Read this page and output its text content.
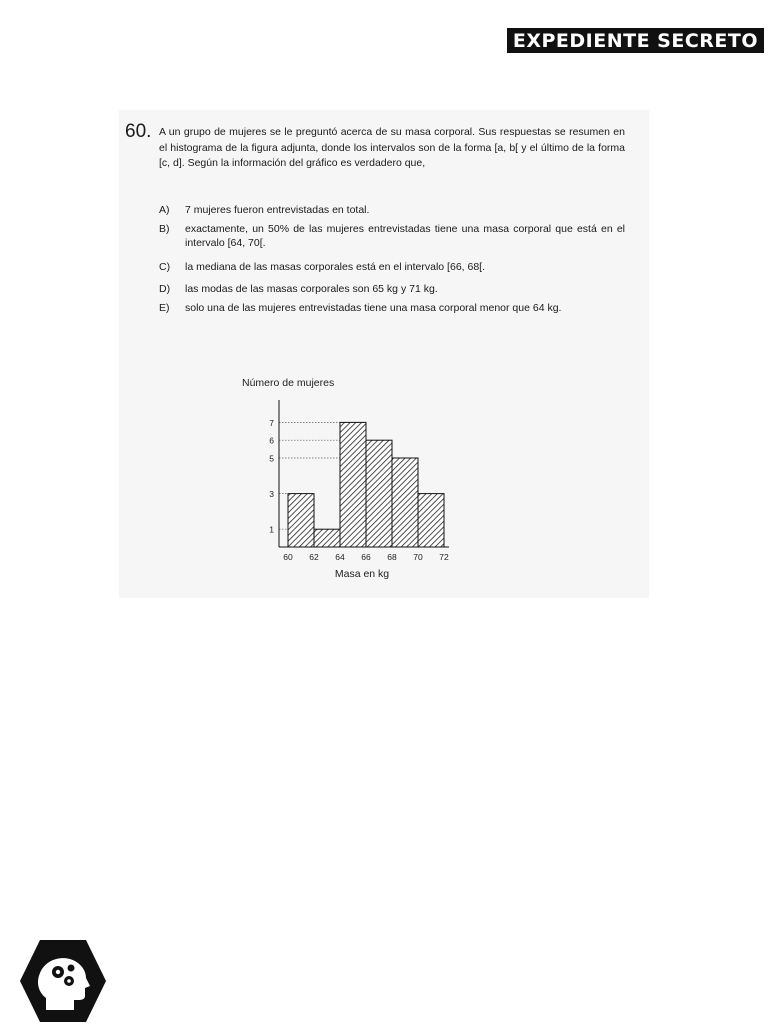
EXPEDIENTE SECRETO
60. A un grupo de mujeres se le preguntó acerca de su masa corporal. Sus respuestas se resumen en el histograma de la figura adjunta, donde los intervalos son de la forma [a, b[ y el último de la forma [c, d]. Según la información del gráfico es verdadero que,
A) 7 mujeres fueron entrevistadas en total.
B) exactamente, un 50% de las mujeres entrevistadas tiene una masa corporal que está en el intervalo [64, 70[.
C) la mediana de las masas corporales está en el intervalo [66, 68[.
D) las modas de las masas corporales son 65 kg y 71 kg.
E) solo una de las mujeres entrevistadas tiene una masa corporal menor que 64 kg.
Número de mujeres
Masa en kg
1
3
5
6
7
60 62 64 66 68 70 72
